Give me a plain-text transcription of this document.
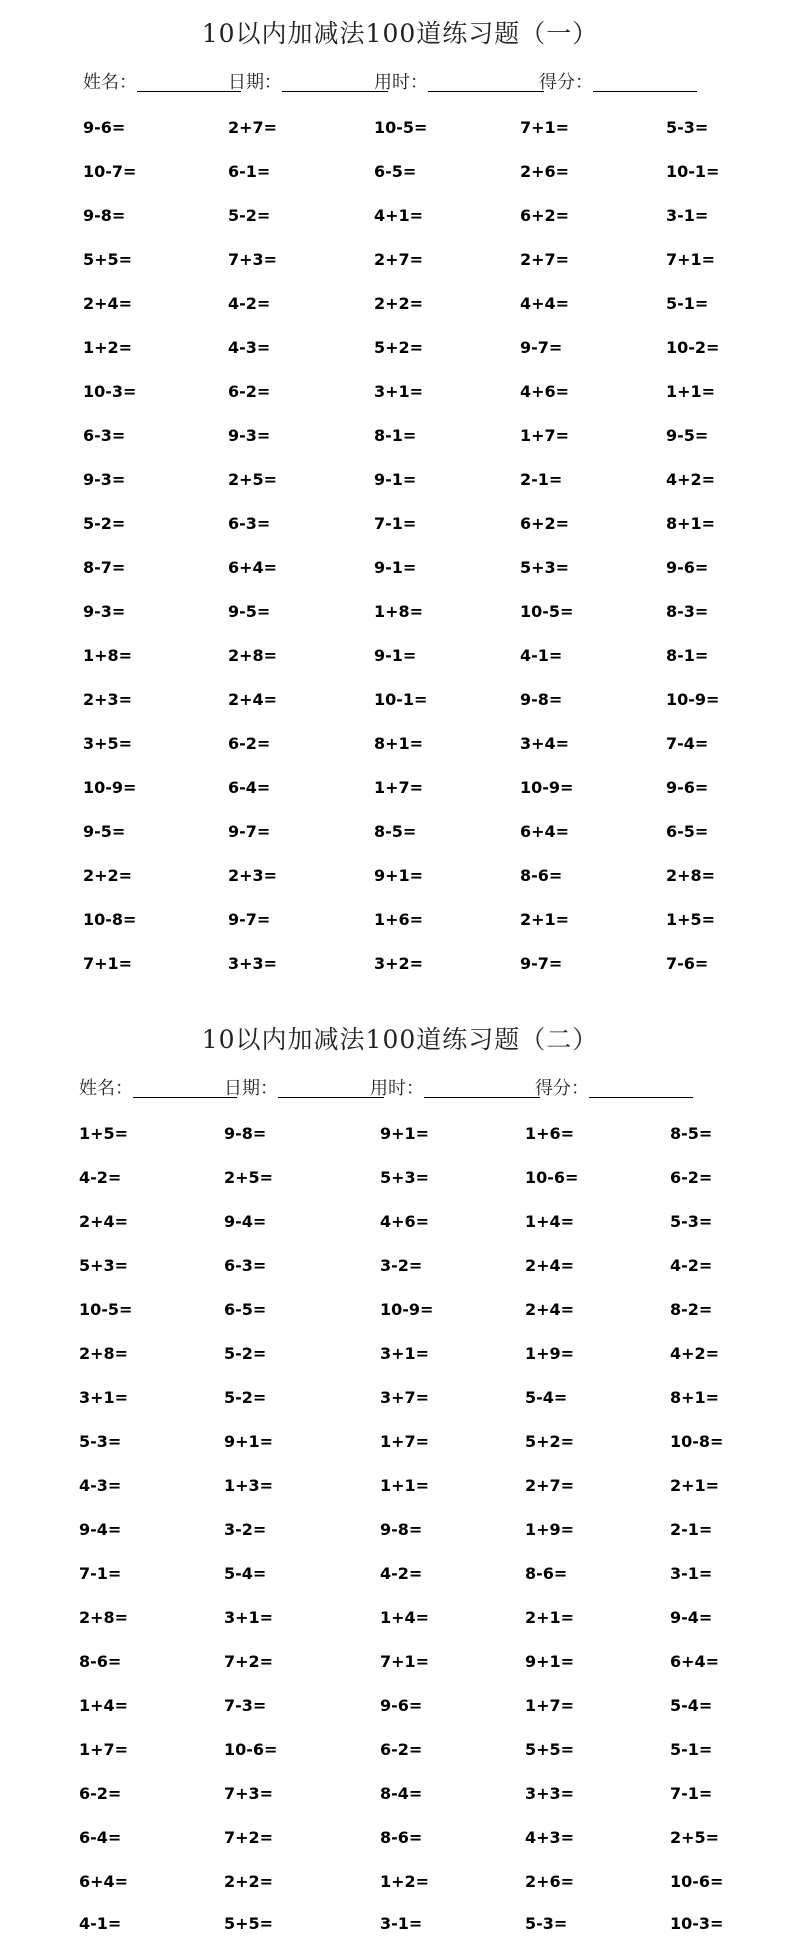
10以内加减法100道练习题（一）
姓名：	日期：	用时：	得分：
9-6=	2+7=	10-5=	7+1=	5-3=
10-7=	6-1=	6-5=	2+6=	10-1=
9-8=	5-2=	4+1=	6+2=	3-1=
5+5=	7+3=	2+7=	2+7=	7+1=
2+4=	4-2=	2+2=	4+4=	5-1=
1+2=	4-3=	5+2=	9-7=	10-2=
10-3=	6-2=	3+1=	4+6=	1+1=
6-3=	9-3=	8-1=	1+7=	9-5=
9-3=	2+5=	9-1=	2-1=	4+2=
5-2=	6-3=	7-1=	6+2=	8+1=
8-7=	6+4=	9-1=	5+3=	9-6=
9-3=	9-5=	1+8=	10-5=	8-3=
1+8=	2+8=	9-1=	4-1=	8-1=
2+3=	2+4=	10-1=	9-8=	10-9=
3+5=	6-2=	8+1=	3+4=	7-4=
10-9=	6-4=	1+7=	10-9=	9-6=
9-5=	9-7=	8-5=	6+4=	6-5=
2+2=	2+3=	9+1=	8-6=	2+8=
10-8=	9-7=	1+6=	2+1=	1+5=
7+1=	3+3=	3+2=	9-7=	7-6=
10以内加减法100道练习题（二）
姓名：	日期：	用时：	得分：
1+5=	9-8=	9+1=	1+6=	8-5=
4-2=	2+5=	5+3=	10-6=	6-2=
2+4=	9-4=	4+6=	1+4=	5-3=
5+3=	6-3=	3-2=	2+4=	4-2=
10-5=	6-5=	10-9=	2+4=	8-2=
2+8=	5-2=	3+1=	1+9=	4+2=
3+1=	5-2=	3+7=	5-4=	8+1=
5-3=	9+1=	1+7=	5+2=	10-8=
4-3=	1+3=	1+1=	2+7=	2+1=
9-4=	3-2=	9-8=	1+9=	2-1=
7-1=	5-4=	4-2=	8-6=	3-1=
2+8=	3+1=	1+4=	2+1=	9-4=
8-6=	7+2=	7+1=	9+1=	6+4=
1+4=	7-3=	9-6=	1+7=	5-4=
1+7=	10-6=	6-2=	5+5=	5-1=
6-2=	7+3=	8-4=	3+3=	7-1=
6-4=	7+2=	8-6=	4+3=	2+5=
6+4=	2+2=	1+2=	2+6=	10-6=
4-1=	5+5=	3-1=	5-3=	10-3=
